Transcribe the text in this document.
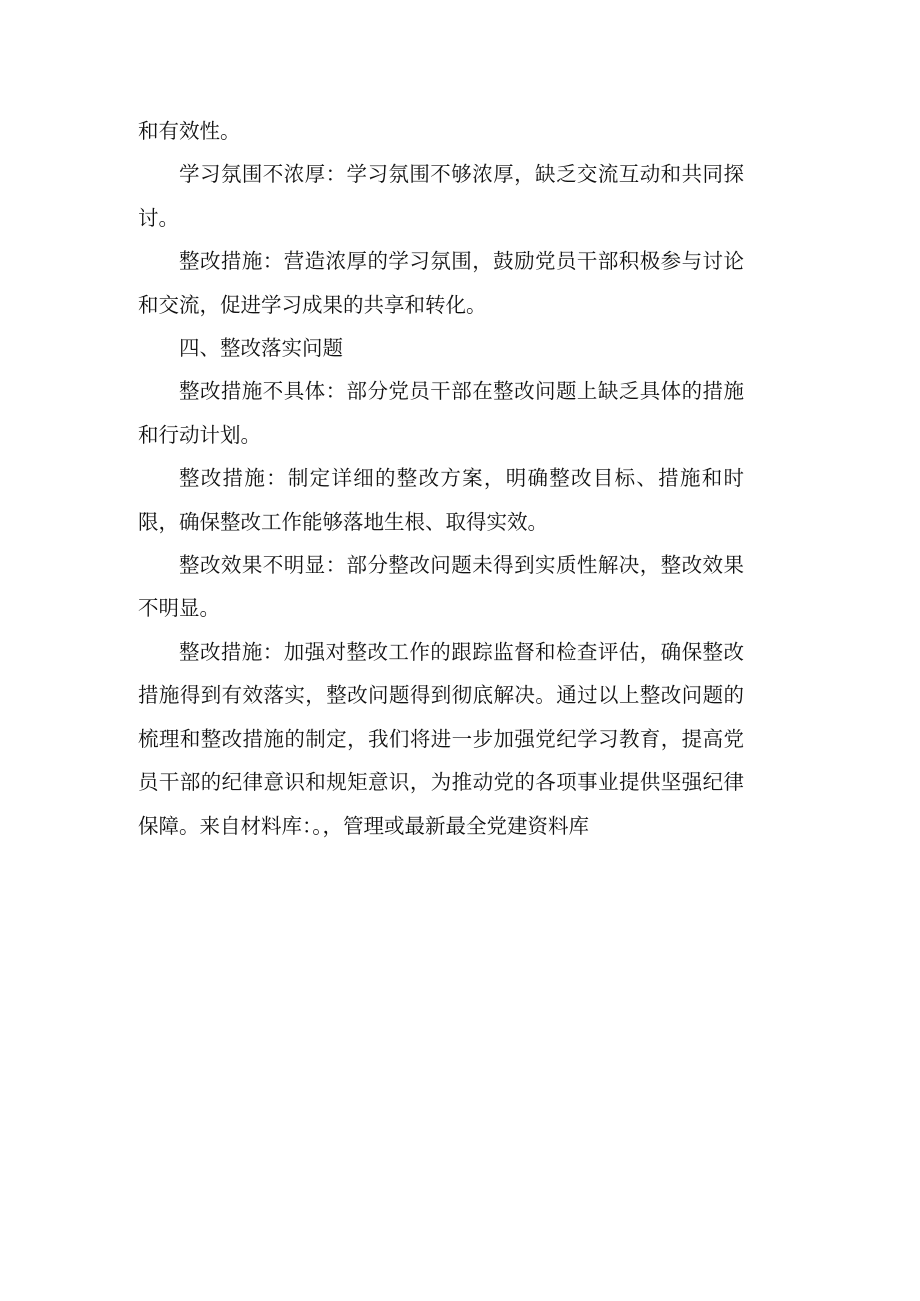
和有效性。

学习氛围不浓厚：学习氛围不够浓厚，缺乏交流互动和共同探讨。

整改措施：营造浓厚的学习氛围，鼓励党员干部积极参与讨论和交流，促进学习成果的共享和转化。

四、整改落实问题

整改措施不具体：部分党员干部在整改问题上缺乏具体的措施和行动计划。

整改措施：制定详细的整改方案，明确整改目标、措施和时限，确保整改工作能够落地生根、取得实效。

整改效果不明显：部分整改问题未得到实质性解决，整改效果不明显。

整改措施：加强对整改工作的跟踪监督和检查评估，确保整改措施得到有效落实，整改问题得到彻底解决。通过以上整改问题的梳理和整改措施的制定，我们将进一步加强党纪学习教育，提高党员干部的纪律意识和规矩意识，为推动党的各项事业提供坚强纪律保障。来自材料库：。，管理或最新最全党建资料库
